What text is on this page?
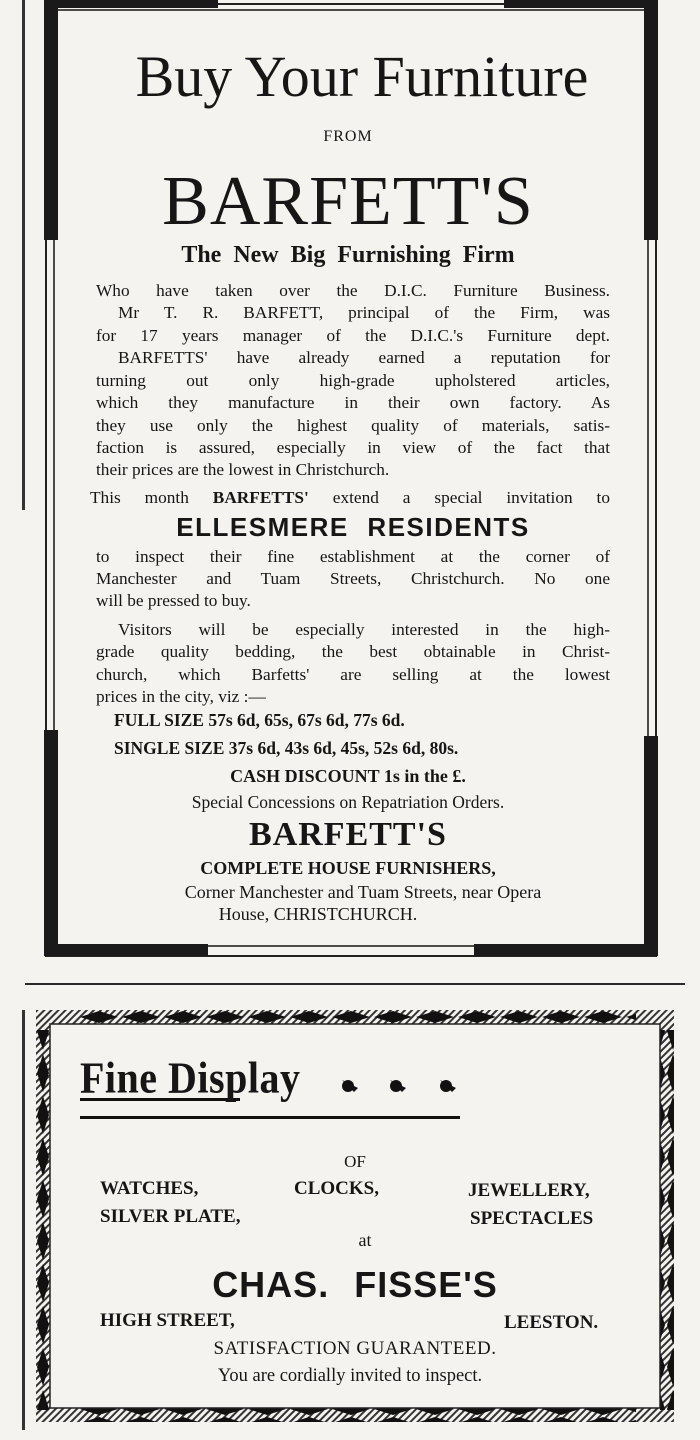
Buy Your Furniture
FROM
BARFETT'S
The New Big Furnishing Firm
Who have taken over the D.I.C. Furniture Business.
Mr T. R. BARFETT, principal of the Firm, was
for 17 years manager of the D.I.C.'s Furniture dept.
BARFETTS' have already earned a reputation for
turning out only high-grade upholstered articles,
which they manufacture in their own factory. As
they use only the highest quality of materials, satis-
faction is assured, especially in view of the fact that
their prices are the lowest in Christchurch.
This month BARFETTS' extend a special invitation to
ELLESMERE RESIDENTS
to inspect their fine establishment at the corner of
Manchester and Tuam Streets, Christchurch. No one
will be pressed to buy.
Visitors will be especially interested in the high-
grade quality bedding, the best obtainable in Christ-
church, which Barfetts' are selling at the lowest
prices in the city, viz :—
FULL SIZE 57s 6d, 65s, 67s 6d, 77s 6d.
SINGLE SIZE 37s 6d, 43s 6d, 45s, 52s 6d, 80s.
CASH DISCOUNT 1s in the £.
Special Concessions on Repatriation Orders.
BARFETT'S
COMPLETE HOUSE FURNISHERS,
Corner Manchester and Tuam Streets, near Opera
House, CHRISTCHURCH.
Fine Display
OF
WATCHES,	CLOCKS,	JEWELLERY,
SILVER PLATE,	SPECTACLES
at
CHAS. FISSE'S
HIGH STREET,	LEESTON.
SATISFACTION GUARANTEED.
You are cordially invited to inspect.
